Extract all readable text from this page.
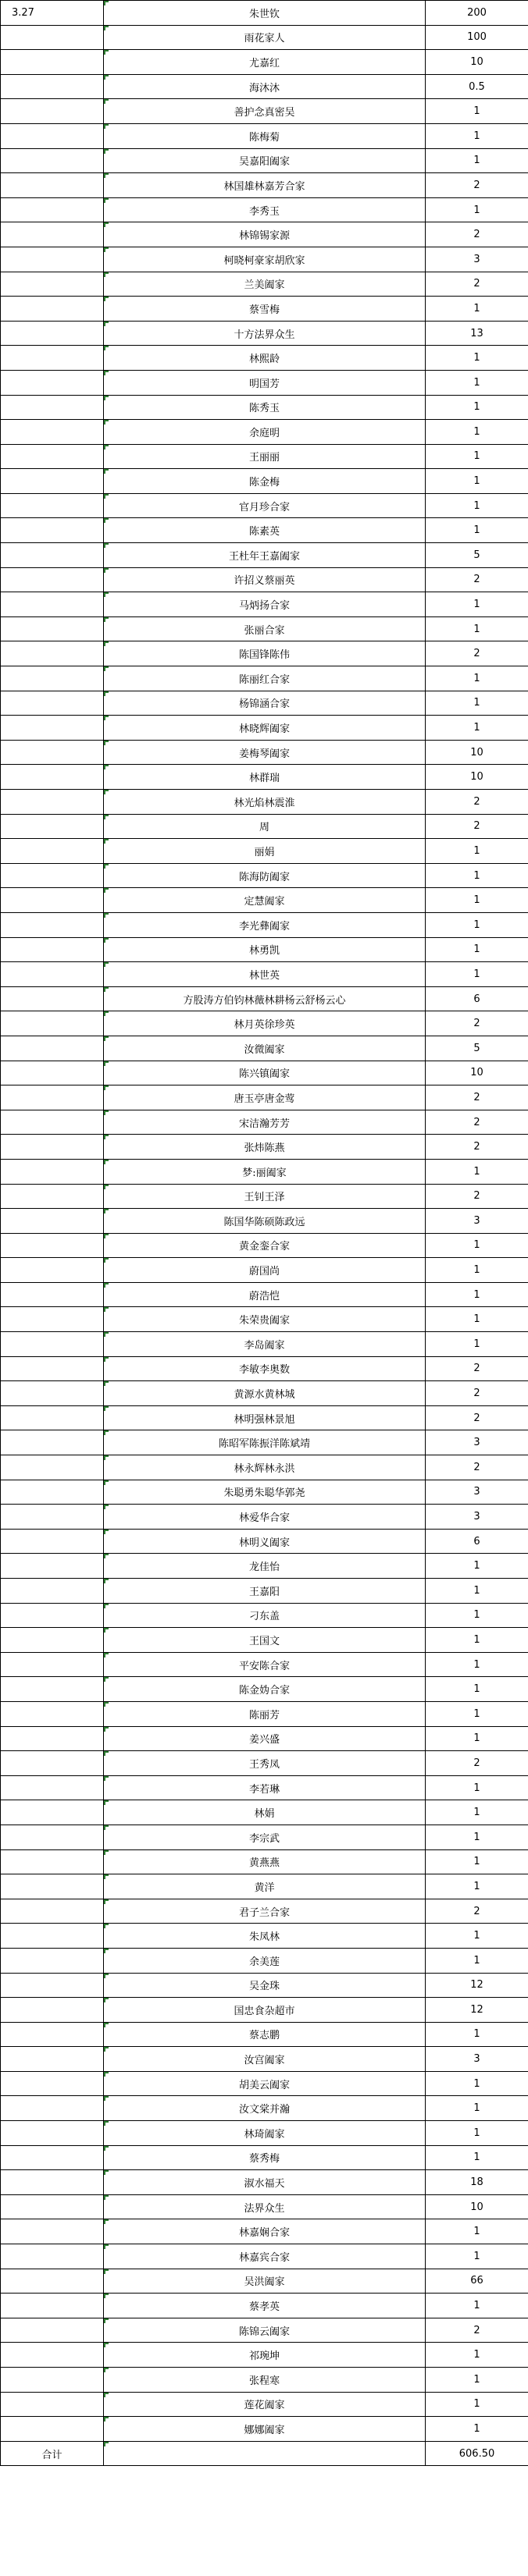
3.27	朱世钦	200
	雨花家人	100
	尤嘉红	10
	海沐沐	0.5
	善护念真密吴	1
	陈梅菊	1
	吴嘉阳阖家	1
	林国雄林嘉芳合家	2
	李秀玉	1
	林锦锡家源	2
	柯晓柯豪家胡欣家	3
	兰美阖家	2
	蔡雪梅	1
	十方法界众生	13
	林熙龄	1
	明国芳	1
	陈秀玉	1
	余庭明	1
	王丽丽	1
	陈金梅	1
	官月珍合家	1
	陈素英	1
	王杜年王嘉阖家	5
	许招义蔡丽英	2
	马炳扬合家	1
	张丽合家	1
	陈国锋陈伟	2
	陈丽红合家	1
	杨锦涵合家	1
	林晓辉阖家	1
	姜梅琴阖家	10
	林群瑞	10
	林光焰林震淮	2
	周	2
	丽娟	1
	陈海防阖家	1
	定慧阖家	1
	李光彝阖家	1
	林勇凯	1
	林世英	1
	方股涛方伯钧林薇林耕杨云舒杨云心	6
	林月英徐珍英	2
	汝微阖家	5
	陈兴镇阖家	10
	唐玉亭唐金莺	2
	宋洁瀚芳芳	2
	张炜陈燕	2
	梦:丽阖家	1
	王钊王泽	2
	陈国华陈硕陈政远	3
	黄金銮合家	1
	蔚国尚	1
	蔚浩恺	1
	朱荣贵阖家	1
	李岛阖家	1
	李敏李奥数	2
	黄源水黄林城	2
	林明强林景旭	2
	陈昭军陈振洋陈斌靖	3
	林永辉林永洪	2
	朱聪勇朱聪华郭尧	3
	林爱华合家	3
	林明义阖家	6
	龙佳怡	1
	王嘉阳	1
	刁东盖	1
	王国文	1
	平安陈合家	1
	陈金妫合家	1
	陈丽芳	1
	姜兴盛	1
	王秀凤	2
	李若琳	1
	林娟	1
	李宗武	1
	黄燕燕	1
	黄洋	1
	君子兰合家	2
	朱凤林	1
	余美莲	1
	吴金珠	12
	国忠食杂超市	12
	蔡志鹏	1
	汝宫阖家	3
	胡美云阖家	1
	汝文棠并瀚	1
	林琦阖家	1
	蔡秀梅	1
	淑水福天	18
	法界众生	10
	林嘉娴合家	1
	林嘉宾合家	1
	吴洪阖家	66
	蔡孝英	1
	陈锦云阖家	2
	祁琬坤	1
	张程寒	1
	莲花阖家	1
	娜娜阖家	1
合计		606.50
